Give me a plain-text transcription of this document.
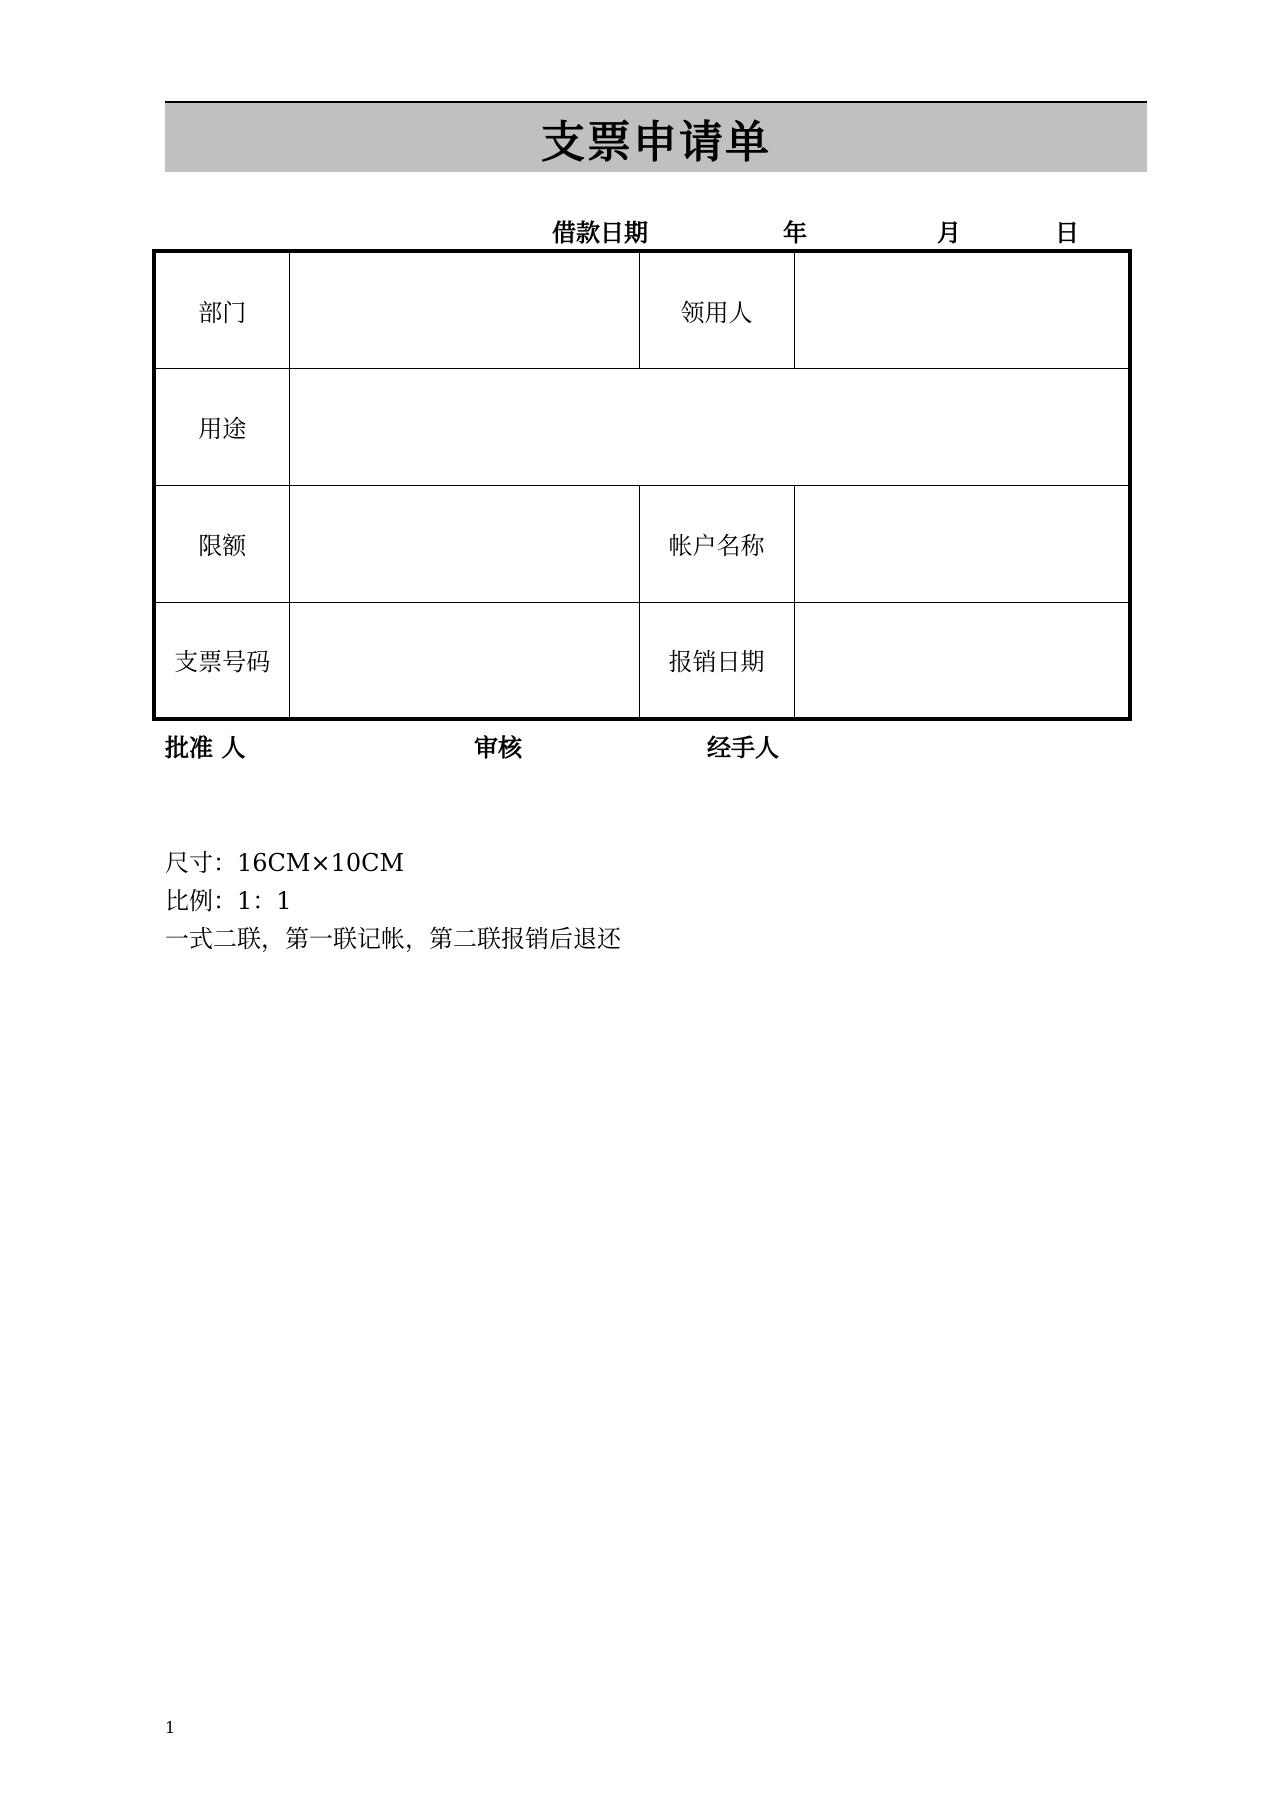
支票申请单
借款日期	年	月	日
部门		领用人	
用途			
限额		帐户名称	
支票号码		报销日期	
批准 人	审核	经手人
尺寸：16CM×10CM
比例：1：1
一式二联，第一联记帐，第二联报销后退还
1
